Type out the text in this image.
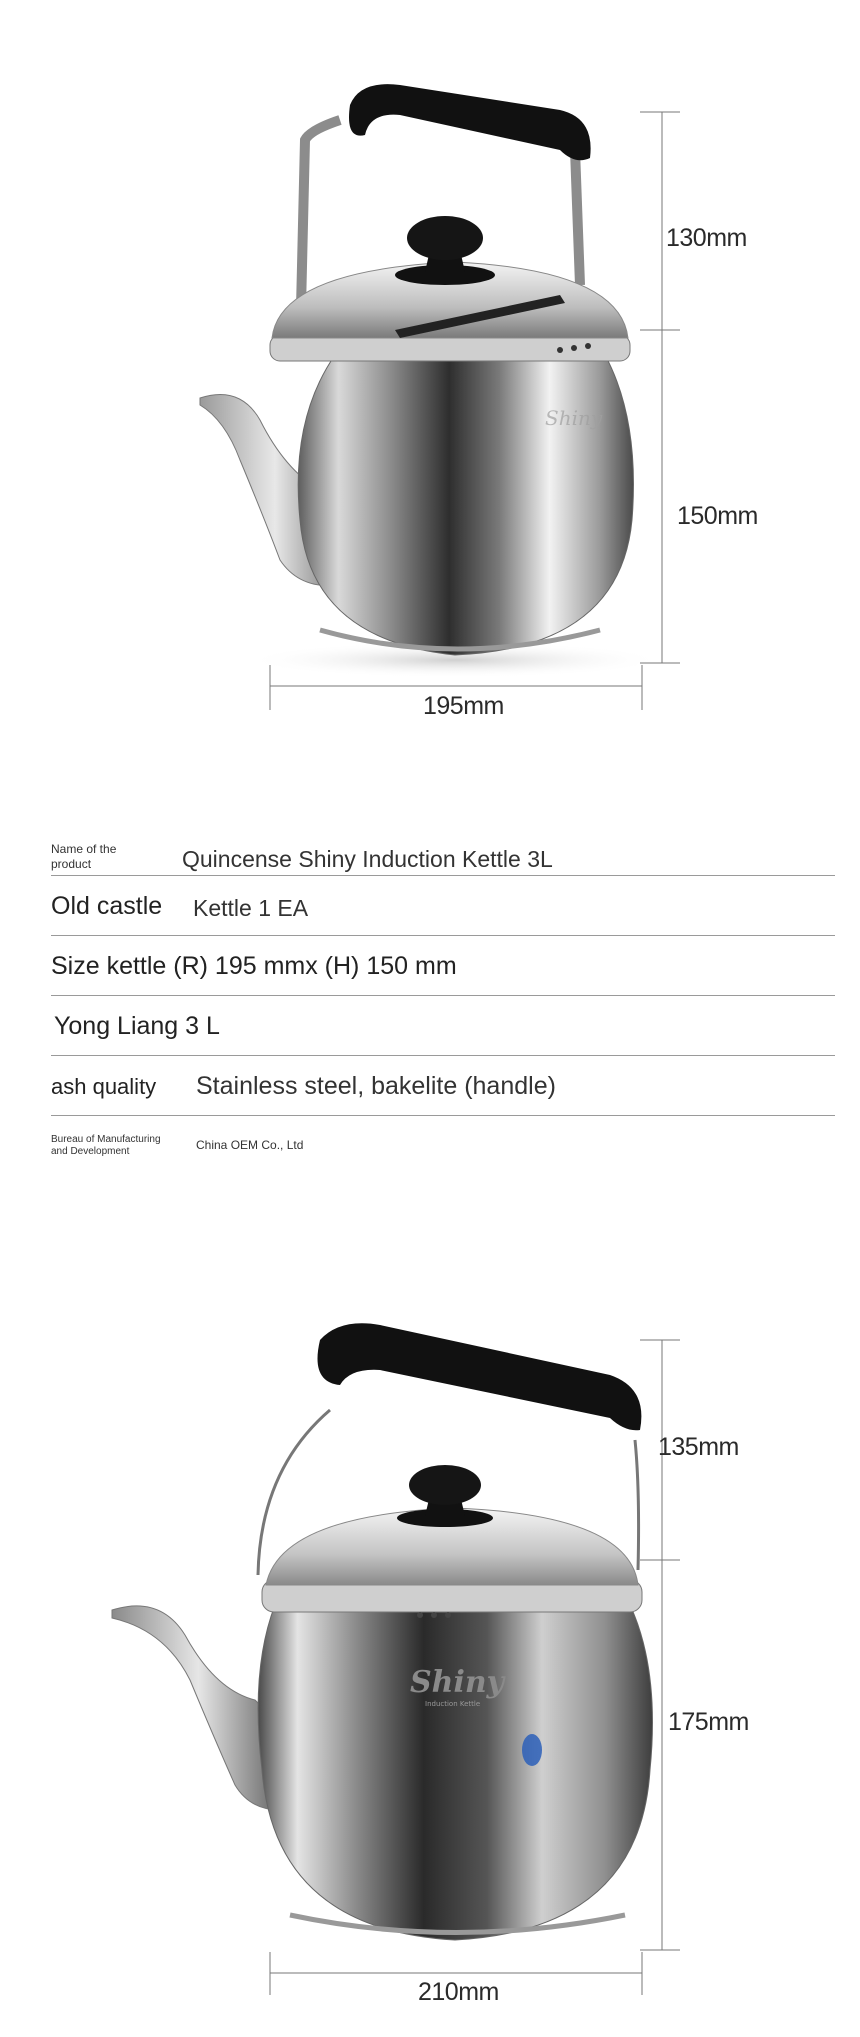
Shiny
130mm
150mm
195mm
Name of the product	Quincense Shiny Induction Kettle 3L
Old castle Kettle 1 EA
Size kettle (R) 195 mmx (H) 150 mm
Yong Liang 3 L
ash quality Stainless steel, bakelite (handle)
Bureau of Manufacturing and Development	China OEM Co., Ltd
Shiny
Induction Kettle
135mm
175mm
210mm
